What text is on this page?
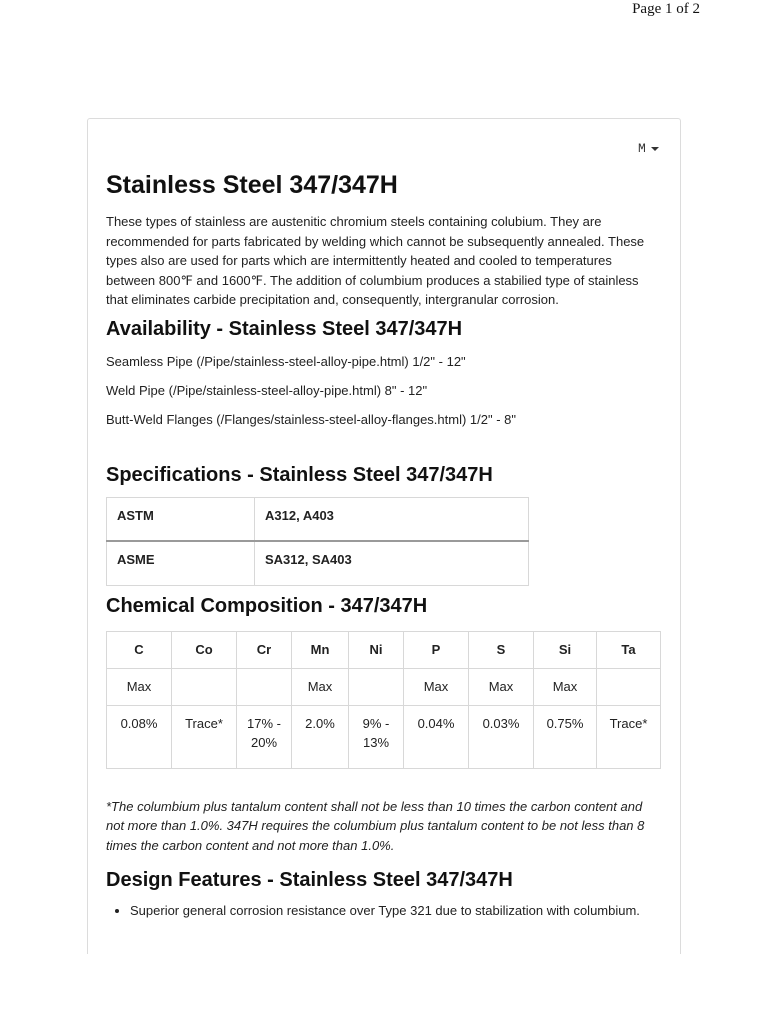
Page 1 of 2
M
Stainless Steel 347/347H

These types of stainless are austenitic chromium steels containing colubium. They are recommended for parts fabricated by welding which cannot be subsequently annealed. These types also are used for parts which are intermittently heated and cooled to temperatures between 800℉ and 1600℉. The addition of columbium produces a stabilied type of stainless that eliminates carbide precipitation and, consequently, intergranular corrosion.

Availability - Stainless Steel 347/347H

Seamless Pipe (/Pipe/stainless-steel-alloy-pipe.html) 1/2" - 12"

Weld Pipe (/Pipe/stainless-steel-alloy-pipe.html) 8" - 12"

Butt-Weld Flanges (/Flanges/stainless-steel-alloy-flanges.html) 1/2" - 8"

Specifications - Stainless Steel 347/347H
ASTM	A312, A403
ASME	SA312, SA403
Chemical Composition - 347/347H
C	Co	Cr	Mn	Ni	P	S	Si	Ta
Max			Max		Max	Max	Max	
0.08%	Trace*	17% - 20%	2.0%	9% - 13%	0.04%	0.03%	0.75%	Trace*

*The columbium plus tantalum content shall not be less than 10 times the carbon content and not more than 1.0%. 347H requires the columbium plus tantalum content to be not less than 8 times the carbon content and not more than 1.0%.

Design Features - Stainless Steel 347/347H
• Superior general corrosion resistance over Type 321 due to stabilization with columbium.
